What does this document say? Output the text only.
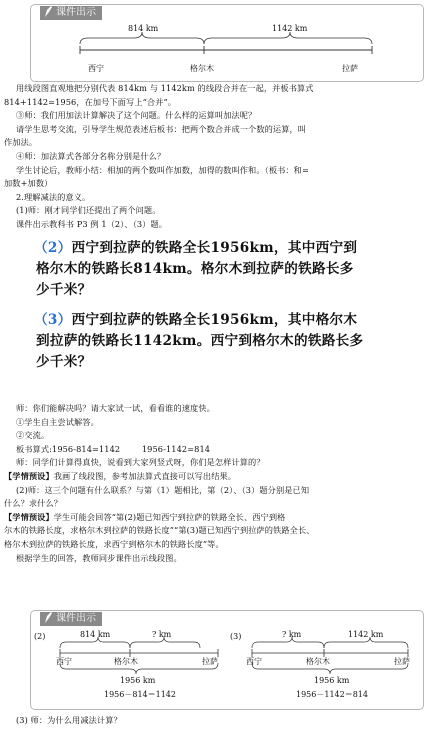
课件出示
814 km	1142 km
西宁	格尔木	拉萨
用线段图直观地把分别代表 814km 与 1142km 的线段合并在一起，并板书算式
814+1142=1956，在加号下面写上“合并”。
③师：我们用加法计算解决了这个问题。什么样的运算叫加法呢？
请学生思考交流，引导学生规范表述后板书：把两个数合并成一个数的运算，叫
作加法。
④师：加法算式各部分名称分别是什么？
学生讨论后，教师小结：相加的两个数叫作加数，加得的数叫作和。（板书：和=
加数+加数）
2.理解减法的意义。
(1)师：刚才同学们还提出了两个问题。
课件出示教科书 P3 例 1（2）、（3）题。
（2）西宁到拉萨的铁路全长1956km，其中西宁到
格尔木的铁路长814km。格尔木到拉萨的铁路长多
少千米？
（3）西宁到拉萨的铁路全长1956km，其中格尔木
到拉萨的铁路长1142km。西宁到格尔木的铁路长多
少千米？
师：你们能解决吗？请大家试一试，看看谁的速度快。
①学生自主尝试解答。
②交流。
板书算式:1956-814=1142        1956-1142=814
师：同学们计算得真快，说看到大家列竖式呀，你们是怎样计算的？
【学情预设】我画了线段图，参考加法算式直接可以写出结果。
(2)师：这三个问题有什么联系？与第（1）题相比，第（2）、（3）题分别是已知
什么？求什么？
【学情预设】学生可能会回答“第(2)题已知西宁到拉萨的铁路全长、西宁到格
尔木的铁路长度，求格尔木到拉萨的铁路长度”“第(3)题已知西宁到拉萨的铁路全长、
格尔木到拉萨的铁路长度，求西宁到格尔木的铁路长度”等。
根据学生的回答，教师同步课件出示线段图。
课件出示
(2)	814 km	? km
西宁	格尔木	拉萨
1956 km
1956－814＝1142
(3)	? km	1142 km
西宁	格尔木	拉萨
1956 km
1956－1142＝814
(3) 师：为什么用减法计算？
